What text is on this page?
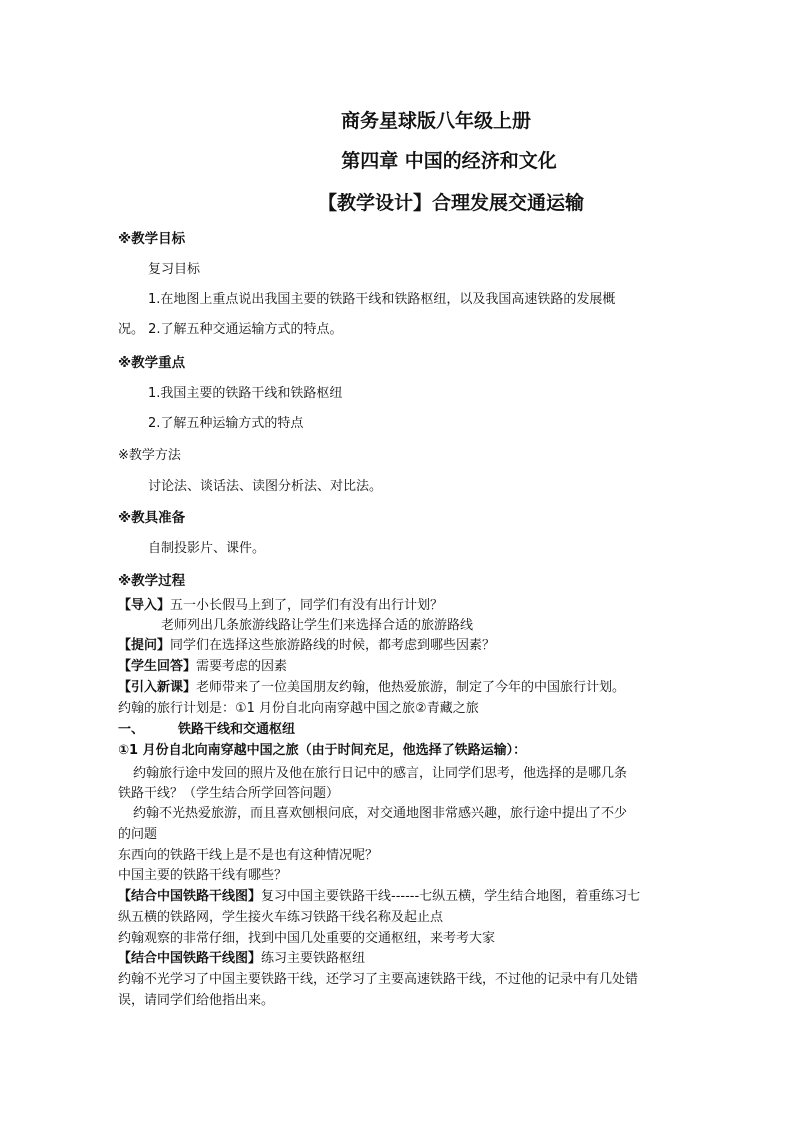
商务星球版八年级上册
第四章 中国的经济和文化
【教学设计】合理发展交通运输
※教学目标
复习目标
1.在地图上重点说出我国主要的铁路干线和铁路枢纽，以及我国高速铁路的发展概
况。 2.了解五种交通运输方式的特点。
※教学重点
1.我国主要的铁路干线和铁路枢纽
2.了解五种运输方式的特点
※教学方法
讨论法、谈话法、读图分析法、对比法。
※教具准备
自制投影片、课件。
※教学过程
【导入】五一小长假马上到了，同学们有没有出行计划？
老师列出几条旅游线路让学生们来选择合适的旅游路线
【提问】同学们在选择这些旅游路线的时候，都考虑到哪些因素？
【学生回答】需要考虑的因素
【引入新课】老师带来了一位美国朋友约翰，他热爱旅游，制定了今年的中国旅行计划。
约翰的旅行计划是：①1 月份自北向南穿越中国之旅②青藏之旅
一、	铁路干线和交通枢纽
①1 月份自北向南穿越中国之旅（由于时间充足，他选择了铁路运输）：
约翰旅行途中发回的照片及他在旅行日记中的感言，让同学们思考，他选择的是哪几条
铁路干线？（学生结合所学回答问题）
约翰不光热爱旅游，而且喜欢刨根问底，对交通地图非常感兴趣，旅行途中提出了不少
的问题
东西向的铁路干线上是不是也有这种情况呢？
中国主要的铁路干线有哪些？
【结合中国铁路干线图】复习中国主要铁路干线------七纵五横，学生结合地图，着重练习七
纵五横的铁路网，学生接火车练习铁路干线名称及起止点
约翰观察的非常仔细，找到中国几处重要的交通枢纽，来考考大家
【结合中国铁路干线图】练习主要铁路枢纽
约翰不光学习了中国主要铁路干线，还学习了主要高速铁路干线，不过他的记录中有几处错
误，请同学们给他指出来。
